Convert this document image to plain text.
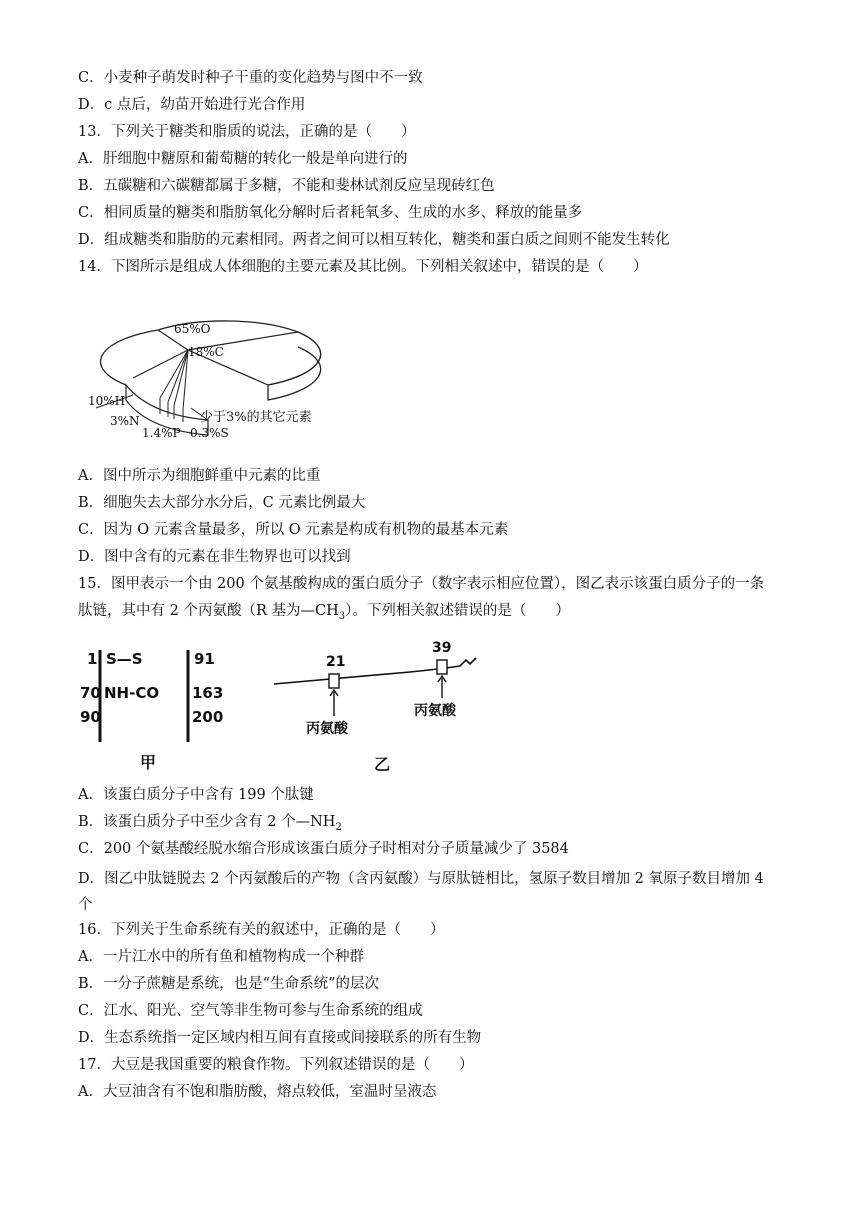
C．小麦种子萌发时种子干重的变化趋势与图中不一致
D．c 点后，幼苗开始进行光合作用
13．下列关于糖类和脂质的说法，正确的是（　　）
A．肝细胞中糖原和葡萄糖的转化一般是单向进行的
B．五碳糖和六碳糖都属于多糖，不能和斐林试剂反应呈现砖红色
C．相同质量的糖类和脂肪氧化分解时后者耗氧多、生成的水多、释放的能量多
D．组成糖类和脂肪的元素相同。两者之间可以相互转化，糖类和蛋白质之间则不能发生转化
14．下图所示是组成人体细胞的主要元素及其比例。下列相关叙述中，错误的是（　　）
65%O
18%C
10%H
3%N
1.4%P 0.3%S
少于3%的其它元素
A．图中所示为细胞鲜重中元素的比重
B．细胞失去大部分水分后，C 元素比例最大
C．因为 O 元素含量最多，所以 O 元素是构成有机物的最基本元素
D．图中含有的元素在非生物界也可以找到
15．图甲表示一个由 200 个氨基酸构成的蛋白质分子（数字表示相应位置），图乙表示该蛋白质分子的一条
肽链，其中有 2 个丙氨酸（R 基为$—CH_3$）。下列相关叙述错误的是（　　）
1 S—S	91
70 NH-CO 163
90	200
甲
21
39
丙氨酸
丙氨酸
乙
A．该蛋白质分子中含有 199 个肽键
B．该蛋白质分子中至少含有 2 个$—NH_2$
C．200 个氨基酸经脱水缩合形成该蛋白质分子时相对分子质量减少了 3584
D．图乙中肽链脱去 2 个丙氨酸后的产物（含丙氨酸）与原肽链相比，氢原子数目增加 2 氧原子数目增加 4个
16．下列关于生命系统有关的叙述中，正确的是（　　）
A．一片江水中的所有鱼和植物构成一个种群
B．一分子蔗糖是系统，也是“生命系统”的层次
C．江水、阳光、空气等非生物可参与生命系统的组成
D．生态系统指一定区域内相互间有直接或间接联系的所有生物
17．大豆是我国重要的粮食作物。下列叙述错误的是（　　）
A．大豆油含有不饱和脂肪酸，熔点较低，室温时呈液态
